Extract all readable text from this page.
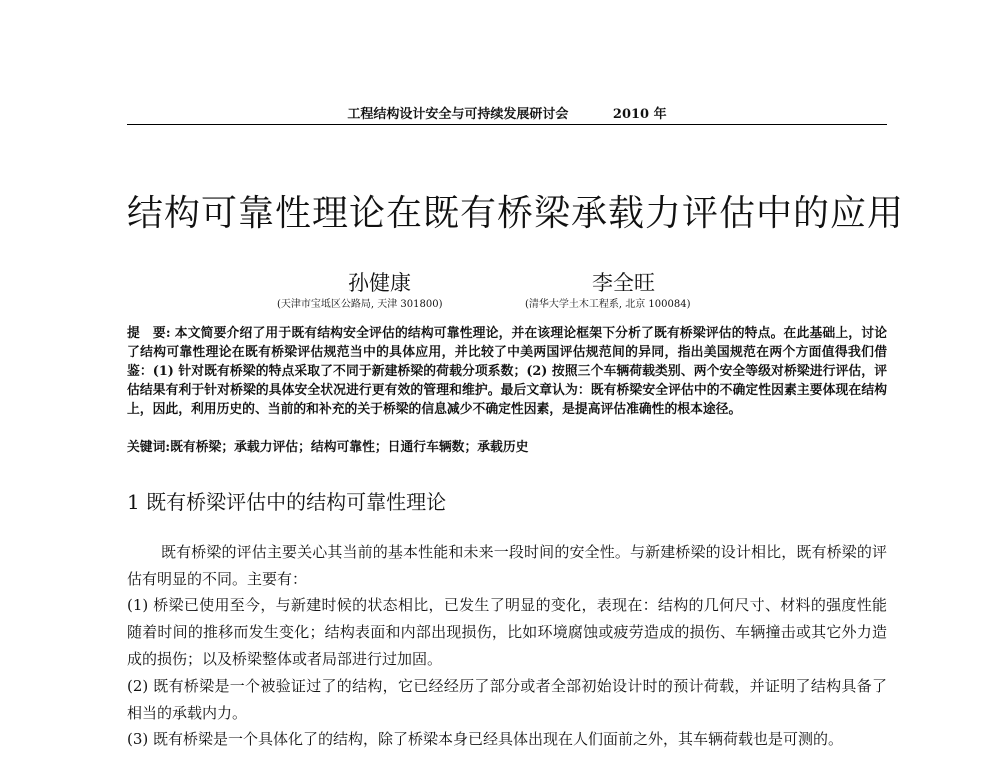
工程结构设计安全与可持续发展研讨会	2010 年
结构可靠性理论在既有桥梁承载力评估中的应用
孙健康	李全旺
(天津市宝坻区公路局, 天津 301800)	(清华大学土木工程系, 北京 100084)
提　要: 本文简要介绍了用于既有结构安全评估的结构可靠性理论，并在该理论框架下分析了既有桥梁评估的特点。在此基础上，讨论了结构可靠性理论在既有桥梁评估规范当中的具体应用，并比较了中美两国评估规范间的异同，指出美国规范在两个方面值得我们借鉴：(1) 针对既有桥梁的特点采取了不同于新建桥梁的荷载分项系数；(2) 按照三个车辆荷载类别、两个安全等级对桥梁进行评估，评估结果有利于针对桥梁的具体安全状况进行更有效的管理和维护。最后文章认为：既有桥梁安全评估中的不确定性因素主要体现在结构上，因此，利用历史的、当前的和补充的关于桥梁的信息减少不确定性因素，是提高评估准确性的根本途径。
关键词:既有桥梁；承载力评估；结构可靠性；日通行车辆数；承载历史
1 既有桥梁评估中的结构可靠性理论
既有桥梁的评估主要关心其当前的基本性能和未来一段时间的安全性。与新建桥梁的设计相比，既有桥梁的评估有明显的不同。主要有：
(1) 桥梁已使用至今，与新建时候的状态相比，已发生了明显的变化，表现在：结构的几何尺寸、材料的强度性能随着时间的推移而发生变化；结构表面和内部出现损伤，比如环境腐蚀或疲劳造成的损伤、车辆撞击或其它外力造成的损伤；以及桥梁整体或者局部进行过加固。
(2) 既有桥梁是一个被验证过了的结构，它已经经历了部分或者全部初始设计时的预计荷载，并证明了结构具备了相当的承载内力。
(3) 既有桥梁是一个具体化了的结构，除了桥梁本身已经具体出现在人们面前之外，其车辆荷载也是可测的。
